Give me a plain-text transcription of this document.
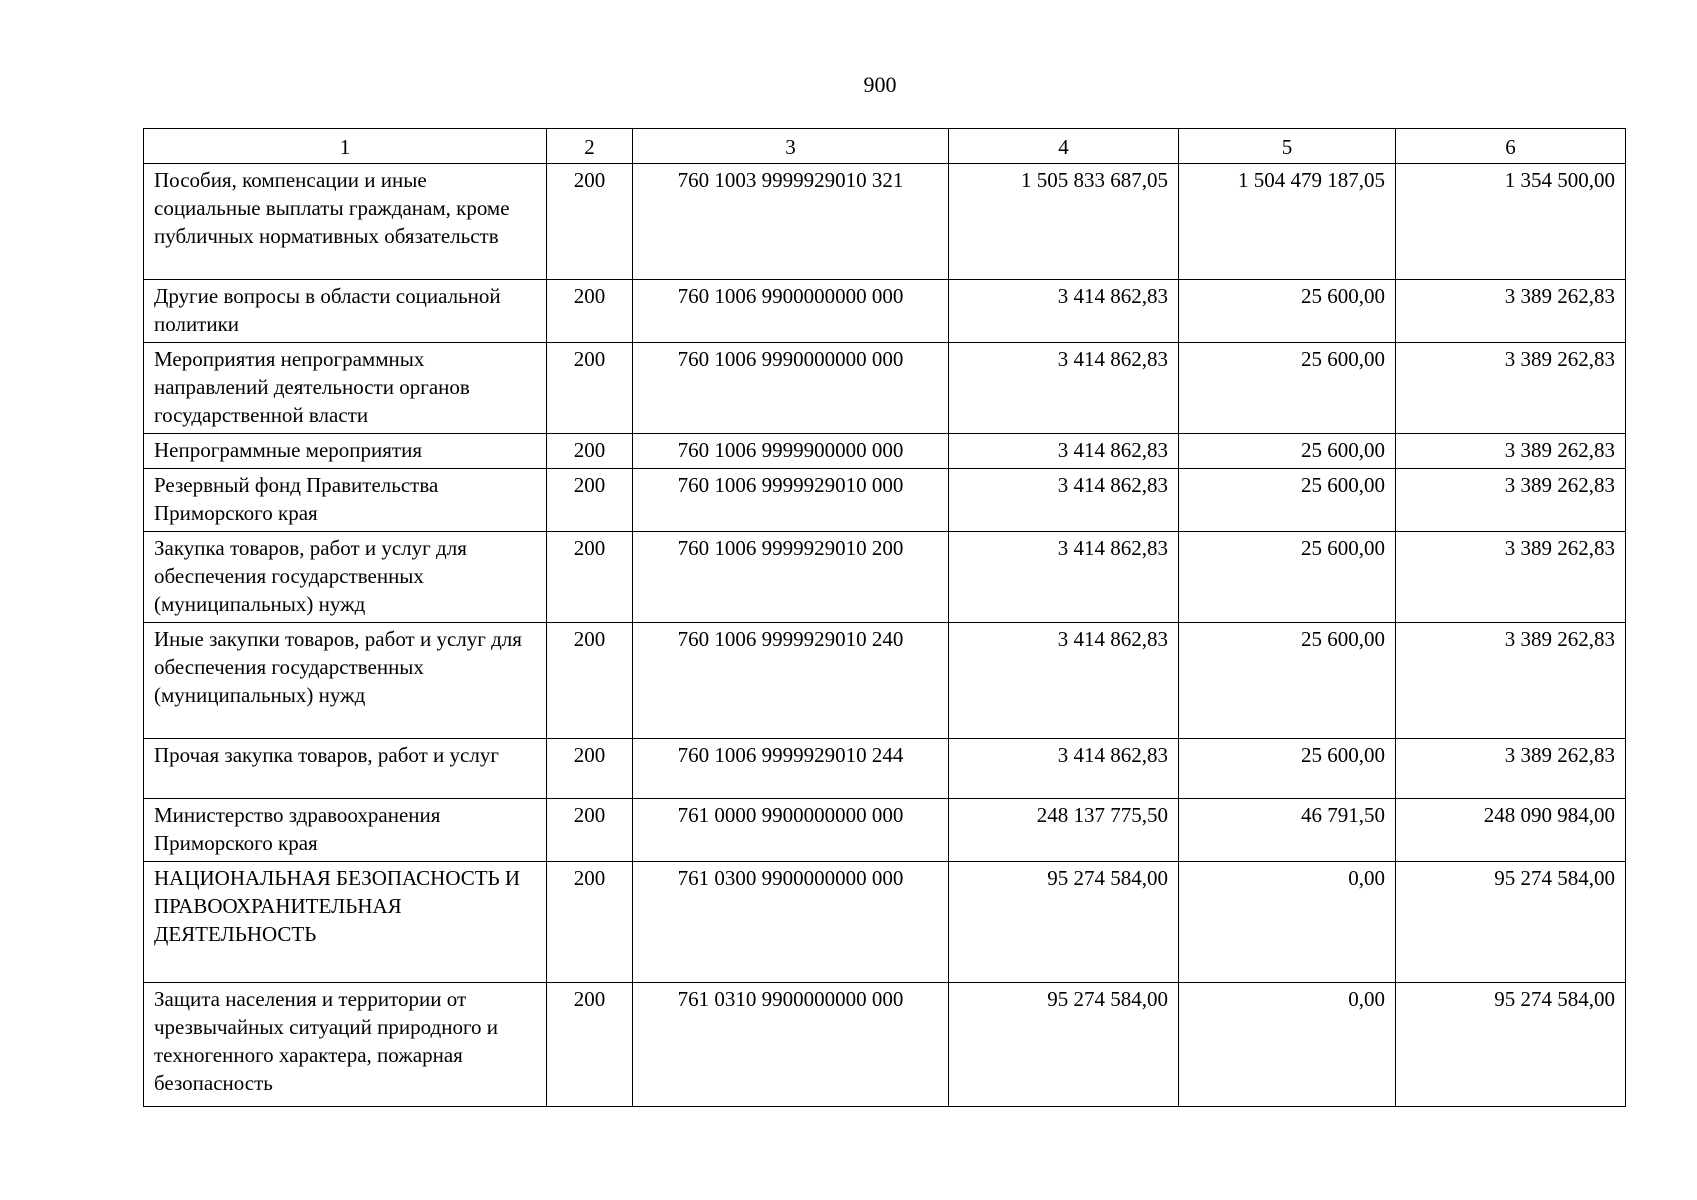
900
1	2	3	4	5	6
Пособия, компенсации и иные социальные выплаты гражданам, кроме публичных нормативных обязательств	200	760 1003 9999929010 321	1 505 833 687,05	1 504 479 187,05	1 354 500,00
Другие вопросы в области социальной политики	200	760 1006 9900000000 000	3 414 862,83	25 600,00	3 389 262,83
Мероприятия непрограммных направлений деятельности органов государственной власти	200	760 1006 9990000000 000	3 414 862,83	25 600,00	3 389 262,83
Непрограммные мероприятия	200	760 1006 9999900000 000	3 414 862,83	25 600,00	3 389 262,83
Резервный фонд Правительства Приморского края	200	760 1006 9999929010 000	3 414 862,83	25 600,00	3 389 262,83
Закупка товаров, работ и услуг для обеспечения государственных (муниципальных) нужд	200	760 1006 9999929010 200	3 414 862,83	25 600,00	3 389 262,83
Иные закупки товаров, работ и услуг для обеспечения государственных (муниципальных) нужд	200	760 1006 9999929010 240	3 414 862,83	25 600,00	3 389 262,83
Прочая закупка товаров, работ и услуг	200	760 1006 9999929010 244	3 414 862,83	25 600,00	3 389 262,83
Министерство здравоохранения Приморского края	200	761 0000 9900000000 000	248 137 775,50	46 791,50	248 090 984,00
НАЦИОНАЛЬНАЯ БЕЗОПАСНОСТЬ И ПРАВООХРАНИТЕЛЬНАЯ ДЕЯТЕЛЬНОСТЬ	200	761 0300 9900000000 000	95 274 584,00	0,00	95 274 584,00
Защита населения и территории от чрезвычайных ситуаций природного и техногенного характера, пожарная безопасность	200	761 0310 9900000000 000	95 274 584,00	0,00	95 274 584,00
